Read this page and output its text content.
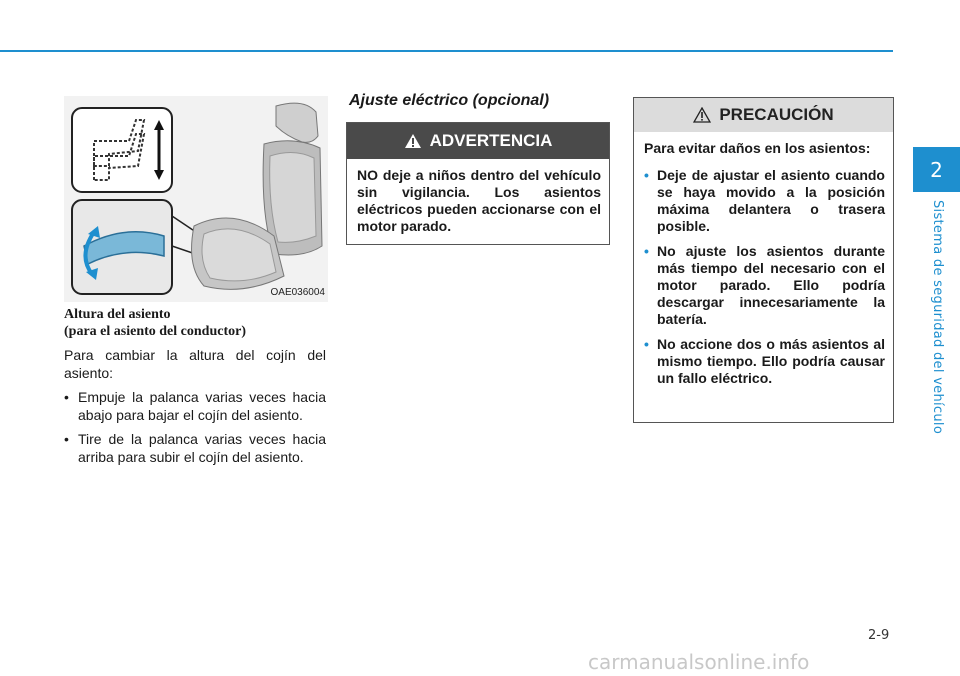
2
Sistema de seguridad del vehículo
OAE036004
Altura del asiento
(para el asiento del conductor)

Para cambiar la altura del cojín del asiento:

• Empuje la palanca varias veces hacia abajo para bajar el cojín del asiento.
• Tire de la palanca varias veces hacia arriba para subir el cojín del asiento.
Ajuste eléctrico (opcional)
ADVERTENCIA
NO deje a niños dentro del vehículo sin vigilancia. Los asientos eléctricos pueden accionarse con el motor parado.
PRECAUCIÓN

Para evitar daños en los asientos:

• Deje de ajustar el asiento cuando se haya movido a la posición máxima delantera o trasera posible.
• No ajuste los asientos durante más tiempo del necesario con el motor parado. Ello podría descargar innecesariamente la batería.
• No accione dos o más asientos al mismo tiempo. Ello podría causar un fallo eléctrico.
2-9
carmanualsonline.info
